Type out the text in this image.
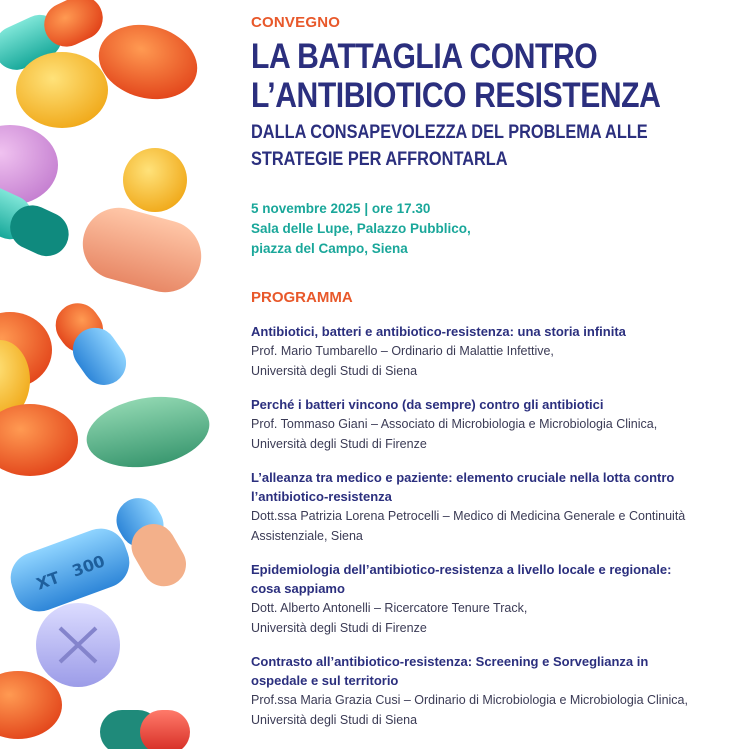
XT
300

CONVEGNO

LA BATTAGLIA CONTRO
L’ANTIBIOTICO RESISTENZA
DALLA CONSAPEVOLEZZA DEL PROBLEMA ALLE
STRATEGIE PER AFFRONTARLA
5 novembre 2025 | ore 17.30
Sala delle Lupe, Palazzo Pubblico,
piazza del Campo, Siena

PROGRAMMA

Antibiotici, batteri e antibiotico-resistenza: una storia infinita
Prof. Mario Tumbarello – Ordinario di Malattie Infettive,
Università degli Studi di Siena
Perché i batteri vincono (da sempre) contro gli antibiotici
Prof. Tommaso Giani – Associato di Microbiologia e Microbiologia Clinica,
Università degli Studi di Firenze
L’alleanza tra medico e paziente: elemento cruciale nella lotta contro
l’antibiotico-resistenza
Dott.ssa Patrizia Lorena Petrocelli – Medico di Medicina Generale e Continuità
Assistenziale, Siena
Epidemiologia dell’antibiotico-resistenza a livello locale e regionale:
cosa sappiamo
Dott. Alberto Antonelli – Ricercatore Tenure Track,
Università degli Studi di Firenze
Contrasto all’antibiotico-resistenza: Screening e Sorveglianza in
ospedale e sul territorio
Prof.ssa Maria Grazia Cusi – Ordinario di Microbiologia e Microbiologia Clinica,
Università degli Studi di Siena
